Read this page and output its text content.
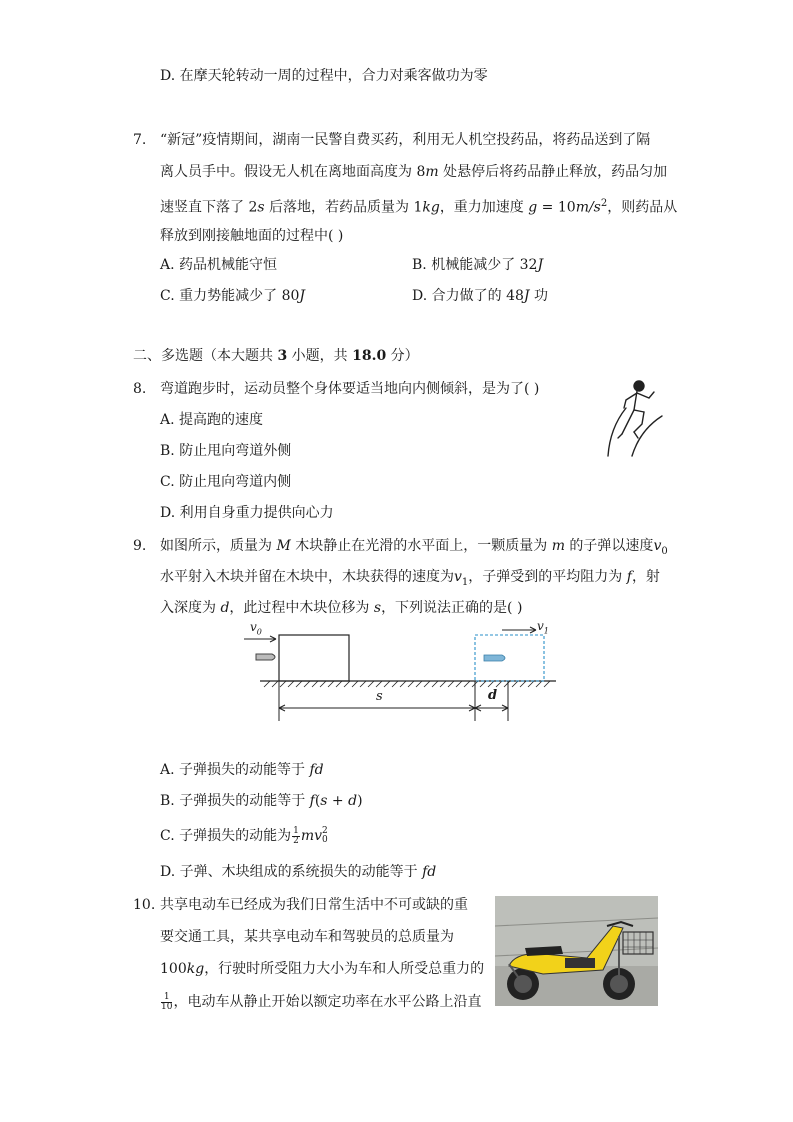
D. 在摩天轮转动一周的过程中，合力对乘客做功为零
7. “新冠”疫情期间，湖南一民警自费买药，利用无人机空投药品，将药品送到了隔
离人员手中。假设无人机在离地面高度为 8m 处悬停后将药品静止释放，药品匀加
速竖直下落了 2s 后落地，若药品质量为 1kg，重力加速度 $g = 10m/s^2$，则药品从
释放到刚接触地面的过程中( )
A. 药品机械能守恒	B. 机械能减少了 32J
C. 重力势能减少了 80J	D. 合力做了的 48J 功
二、多选题（本大题共 3 小题，共 18.0 分）
8. 弯道跑步时，运动员整个身体要适当地向内侧倾斜，是为了( )
A. 提高跑的速度
B. 防止甩向弯道外侧
C. 防止甩向弯道内侧
D. 利用自身重力提供向心力
9. 如图所示，质量为 M 木块静止在光滑的水平面上，一颗质量为 m 的子弹以速度$v_0$
水平射入木块并留在木块中，木块获得的速度为$v_1$，子弹受到的平均阻力为 f，射
入深度为 d，此过程中木块位移为 s，下列说法正确的是( )
$v_0$	$v_1$
s	d
A. 子弹损失的动能等于 fd
B. 子弹损失的动能等于 f(s + d)
C. 子弹损失的动能为 $\frac{1}{2}$ mv 2
0
D. 子弹、木块组成的系统损失的动能等于 fd
10. 共享电动车已经成为我们日常生活中不可或缺的重
要交通工具，某共享电动车和驾驶员的总质量为
100kg，行驶时所受阻力大小为车和人所受总重力的
$\frac{1}{10}$ ，电动车从静止开始以额定功率在水平公路上沿直
